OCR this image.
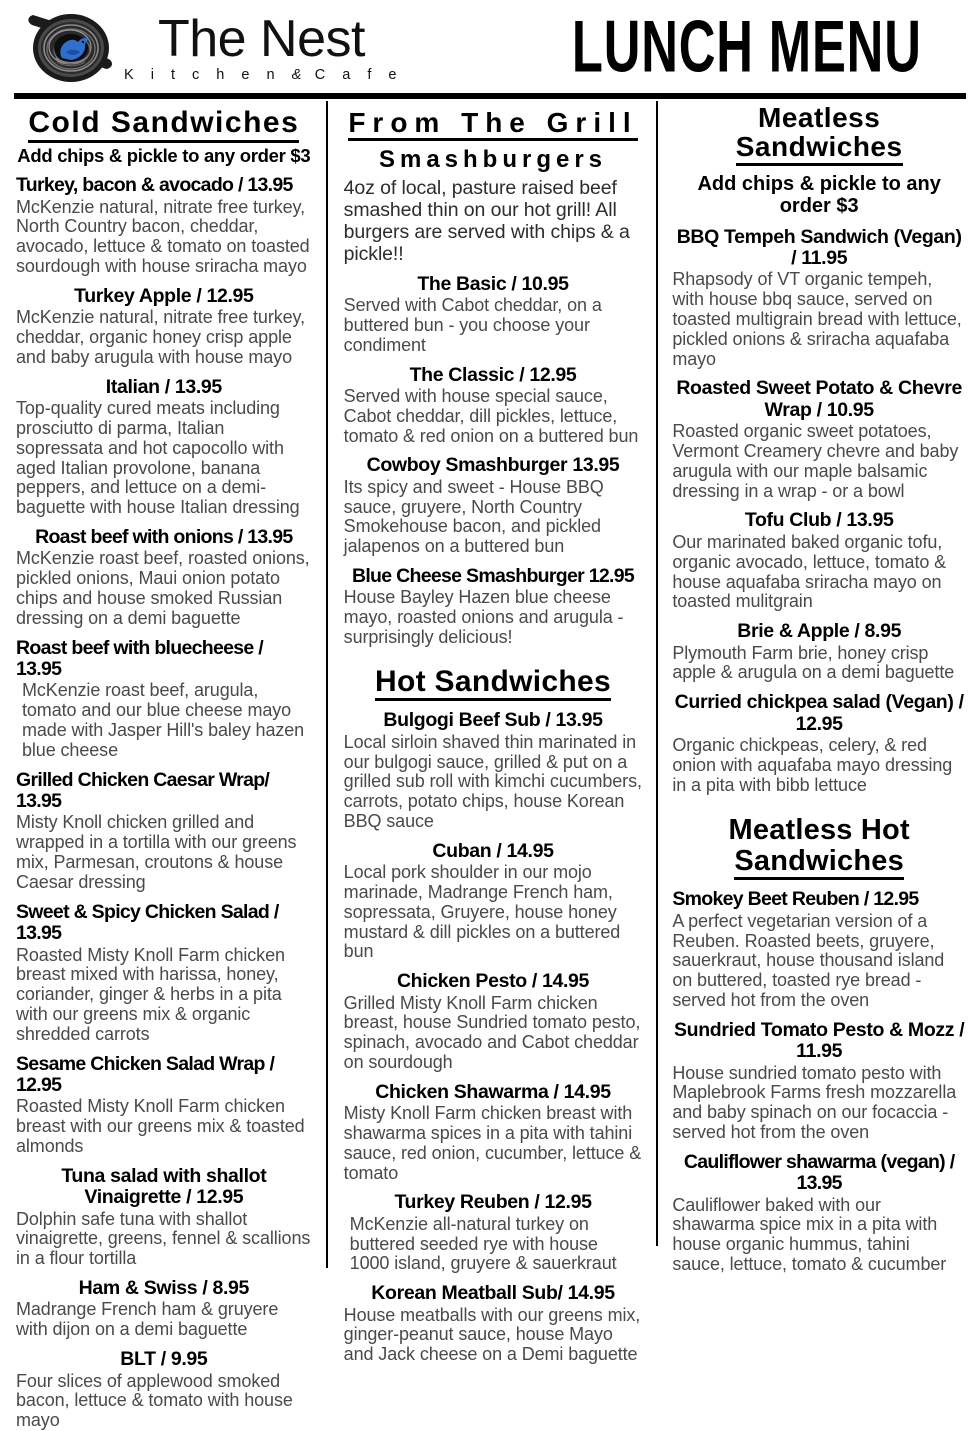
The Nest
K i t c h e n & C a f e	LUNCH MENU
Cold Sandwiches
Add chips & pickle to any order $3
Turkey, bacon & avocado / 13.95
McKenzie natural, nitrate free turkey, North Country bacon, cheddar, avocado, lettuce & tomato on toasted sourdough with house sriracha mayo
Turkey Apple / 12.95
McKenzie natural, nitrate free turkey, cheddar, organic honey crisp apple and baby arugula with house mayo
Italian / 13.95
Top-quality cured meats including prosciutto di parma, Italian sopressata and hot capocollo with aged Italian provolone, banana peppers, and lettuce on a demi-baguette with house Italian dressing
Roast beef with onions / 13.95
McKenzie roast beef, roasted onions, pickled onions, Maui onion potato chips and house smoked Russian dressing on a demi baguette
Roast beef with bluecheese / 13.95
McKenzie roast beef, arugula, tomato and our blue cheese mayo made with Jasper Hill's baley hazen blue cheese
Grilled Chicken Caesar Wrap/ 13.95
Misty Knoll chicken grilled and wrapped in a tortilla with our greens mix, Parmesan, croutons & house Caesar dressing
Sweet & Spicy Chicken Salad / 13.95
Roasted Misty Knoll Farm chicken breast mixed with harissa, honey, coriander, ginger & herbs in a pita with our greens mix & organic shredded carrots
Sesame Chicken Salad Wrap / 12.95
Roasted Misty Knoll Farm chicken breast with our greens mix & toasted almonds
Tuna salad with shallot Vinaigrette / 12.95
Dolphin safe tuna with shallot vinaigrette, greens, fennel & scallions in a flour tortilla
Ham & Swiss / 8.95
Madrange French ham & gruyere with dijon on a demi baguette
BLT / 9.95
Four slices of applewood smoked bacon, lettuce & tomato with house mayo
From The Grill
Smashburgers
4oz of local, pasture raised beef smashed thin on our hot grill! All burgers are served with chips & a pickle!!
The Basic / 10.95
Served with Cabot cheddar, on a buttered bun - you choose your condiment
The Classic / 12.95
Served with house special sauce, Cabot cheddar, dill pickles, lettuce, tomato & red onion on a buttered bun
Cowboy Smashburger 13.95
Its spicy and sweet - House BBQ sauce, gruyere, North Country Smokehouse bacon, and pickled jalapenos on a buttered bun
Blue Cheese Smashburger 12.95
House Bayley Hazen blue cheese mayo, roasted onions and arugula - surprisingly delicious!
Hot Sandwiches
Bulgogi Beef Sub / 13.95
Local sirloin shaved thin marinated in our bulgogi sauce, grilled & put on a grilled sub roll with kimchi cucumbers, carrots, potato chips, house Korean BBQ sauce
Cuban / 14.95
Local pork shoulder in our mojo marinade, Madrange French ham, sopressata, Gruyere, house honey mustard & dill pickles on a buttered bun
Chicken Pesto / 14.95
Grilled Misty Knoll Farm chicken breast, house Sundried tomato pesto, spinach, avocado and Cabot cheddar on sourdough
Chicken Shawarma / 14.95
Misty Knoll Farm chicken breast with shawarma spices in a pita with tahini sauce, red onion, cucumber, lettuce & tomato
Turkey Reuben / 12.95
McKenzie all-natural turkey on buttered seeded rye with house 1000 island, gruyere & sauerkraut
Korean Meatball Sub/ 14.95
House meatballs with our greens mix, ginger-peanut sauce, house Mayo and Jack cheese on a Demi baguette
Meatless
Sandwiches
Add chips & pickle to any order $3
BBQ Tempeh Sandwich (Vegan) / 11.95
Rhapsody of VT organic tempeh, with house bbq sauce, served on toasted multigrain bread with lettuce, pickled onions & sriracha aquafaba mayo
Roasted Sweet Potato & Chevre Wrap / 10.95
Roasted organic sweet potatoes, Vermont Creamery chevre and baby arugula with our maple balsamic dressing in a wrap - or a bowl
Tofu Club / 13.95
Our marinated baked organic tofu, organic avocado, lettuce, tomato & house aquafaba sriracha mayo on toasted mulitgrain
Brie & Apple / 8.95
Plymouth Farm brie, honey crisp apple & arugula on a demi baguette
Curried chickpea salad (Vegan) / 12.95
Organic chickpeas, celery, & red onion with aquafaba mayo dressing in a pita with bibb lettuce
Meatless Hot
Sandwiches
Smokey Beet Reuben / 12.95
A perfect vegetarian version of a Reuben. Roasted beets, gruyere, sauerkraut, house thousand island on buttered, toasted rye bread - served hot from the oven
Sundried Tomato Pesto & Mozz / 11.95
House sundried tomato pesto with Maplebrook Farms fresh mozzarella and baby spinach on our focaccia - served hot from the oven
Cauliflower shawarma (vegan) / 13.95
Cauliflower baked with our shawarma spice mix in a pita with house organic hummus, tahini sauce, lettuce, tomato & cucumber
